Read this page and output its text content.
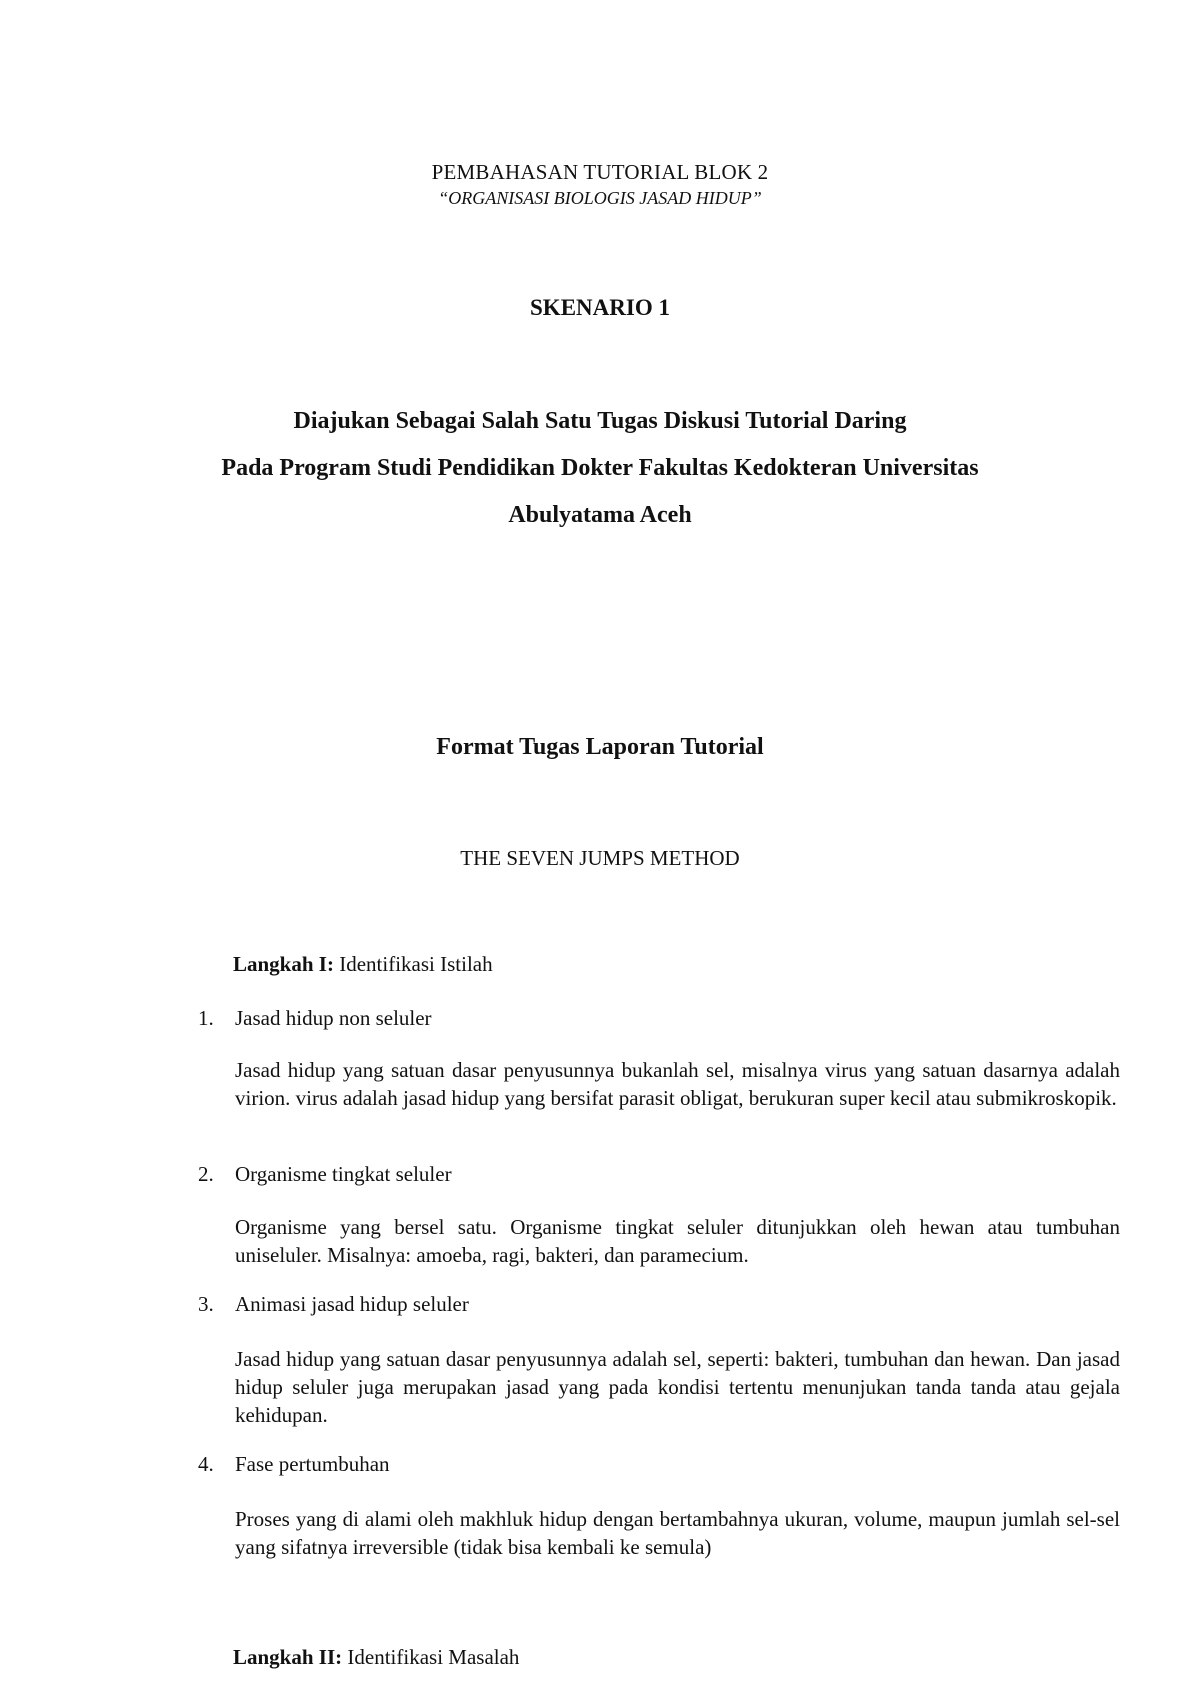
PEMBAHASAN TUTORIAL BLOK 2
“ORGANISASI BIOLOGIS JASAD HIDUP”
SKENARIO 1
Diajukan Sebagai Salah Satu Tugas Diskusi Tutorial Daring
Pada Program Studi Pendidikan Dokter Fakultas Kedokteran Universitas
Abulyatama Aceh
Format Tugas Laporan Tutorial
THE SEVEN JUMPS METHOD
Langkah I: Identifikasi Istilah
1. Jasad hidup non seluler
Jasad hidup yang satuan dasar penyusunnya bukanlah sel, misalnya virus yang satuan dasarnya adalah virion. virus adalah jasad hidup yang bersifat parasit obligat, berukuran super kecil atau submikroskopik.
2. Organisme tingkat seluler
Organisme yang bersel satu. Organisme tingkat seluler ditunjukkan oleh hewan atau tumbuhan uniseluler. Misalnya: amoeba, ragi, bakteri, dan paramecium.
3. Animasi jasad hidup seluler
Jasad hidup yang satuan dasar penyusunnya adalah sel, seperti: bakteri, tumbuhan dan hewan. Dan jasad hidup seluler juga merupakan jasad yang pada kondisi tertentu menunjukan tanda tanda atau gejala kehidupan.
4. Fase pertumbuhan
Proses yang di alami oleh makhluk hidup dengan bertambahnya ukuran, volume, maupun jumlah sel-sel yang sifatnya irreversible (tidak bisa kembali ke semula)
Langkah II: Identifikasi Masalah
